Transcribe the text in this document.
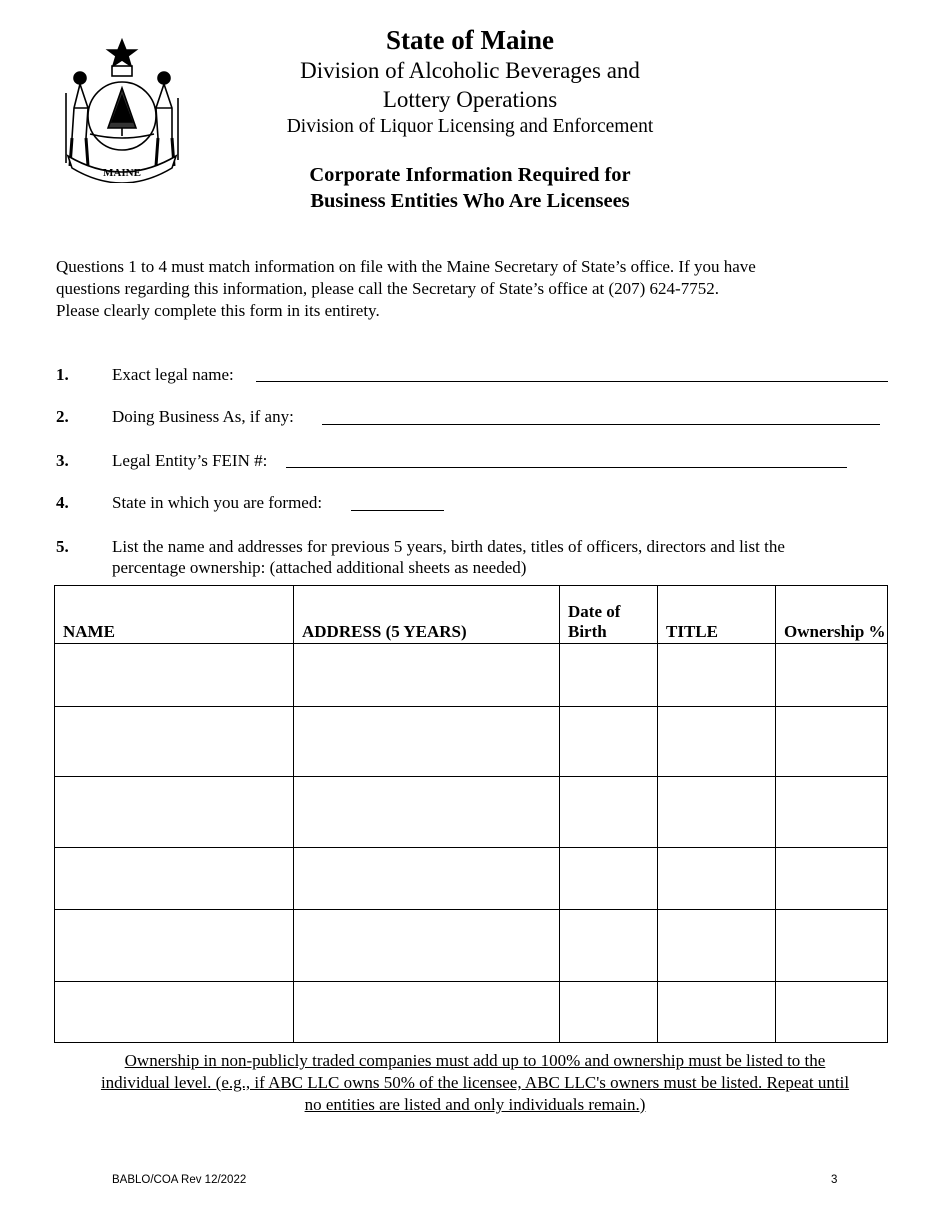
MAINE
State of Maine
Division of Alcoholic Beverages and
Lottery Operations
Division of Liquor Licensing and Enforcement
Corporate Information Required for
Business Entities Who Are Licensees
Questions 1 to 4 must match information on file with the Maine Secretary of State’s office. If you have
questions regarding this information, please call the Secretary of State’s office at (207) 624-7752.
Please clearly complete this form in its entirety.
1.	Exact legal name:
2.	Doing Business As, if any:
3.	Legal Entity’s FEIN #:
4.	State in which you are formed:
5.	List the name and addresses for previous 5 years, birth dates, titles of officers, directors and list the
percentage ownership: (attached additional sheets as needed)
NAME	ADDRESS (5 YEARS)	Date of Birth	TITLE	Ownership %

Ownership in non-publicly traded companies must add up to 100% and ownership must be listed to the
individual level. (e.g., if ABC LLC owns 50% of the licensee, ABC LLC's owners must be listed. Repeat until
no entities are listed and only individuals remain.)
BABLO/COA Rev 12/2022	3
